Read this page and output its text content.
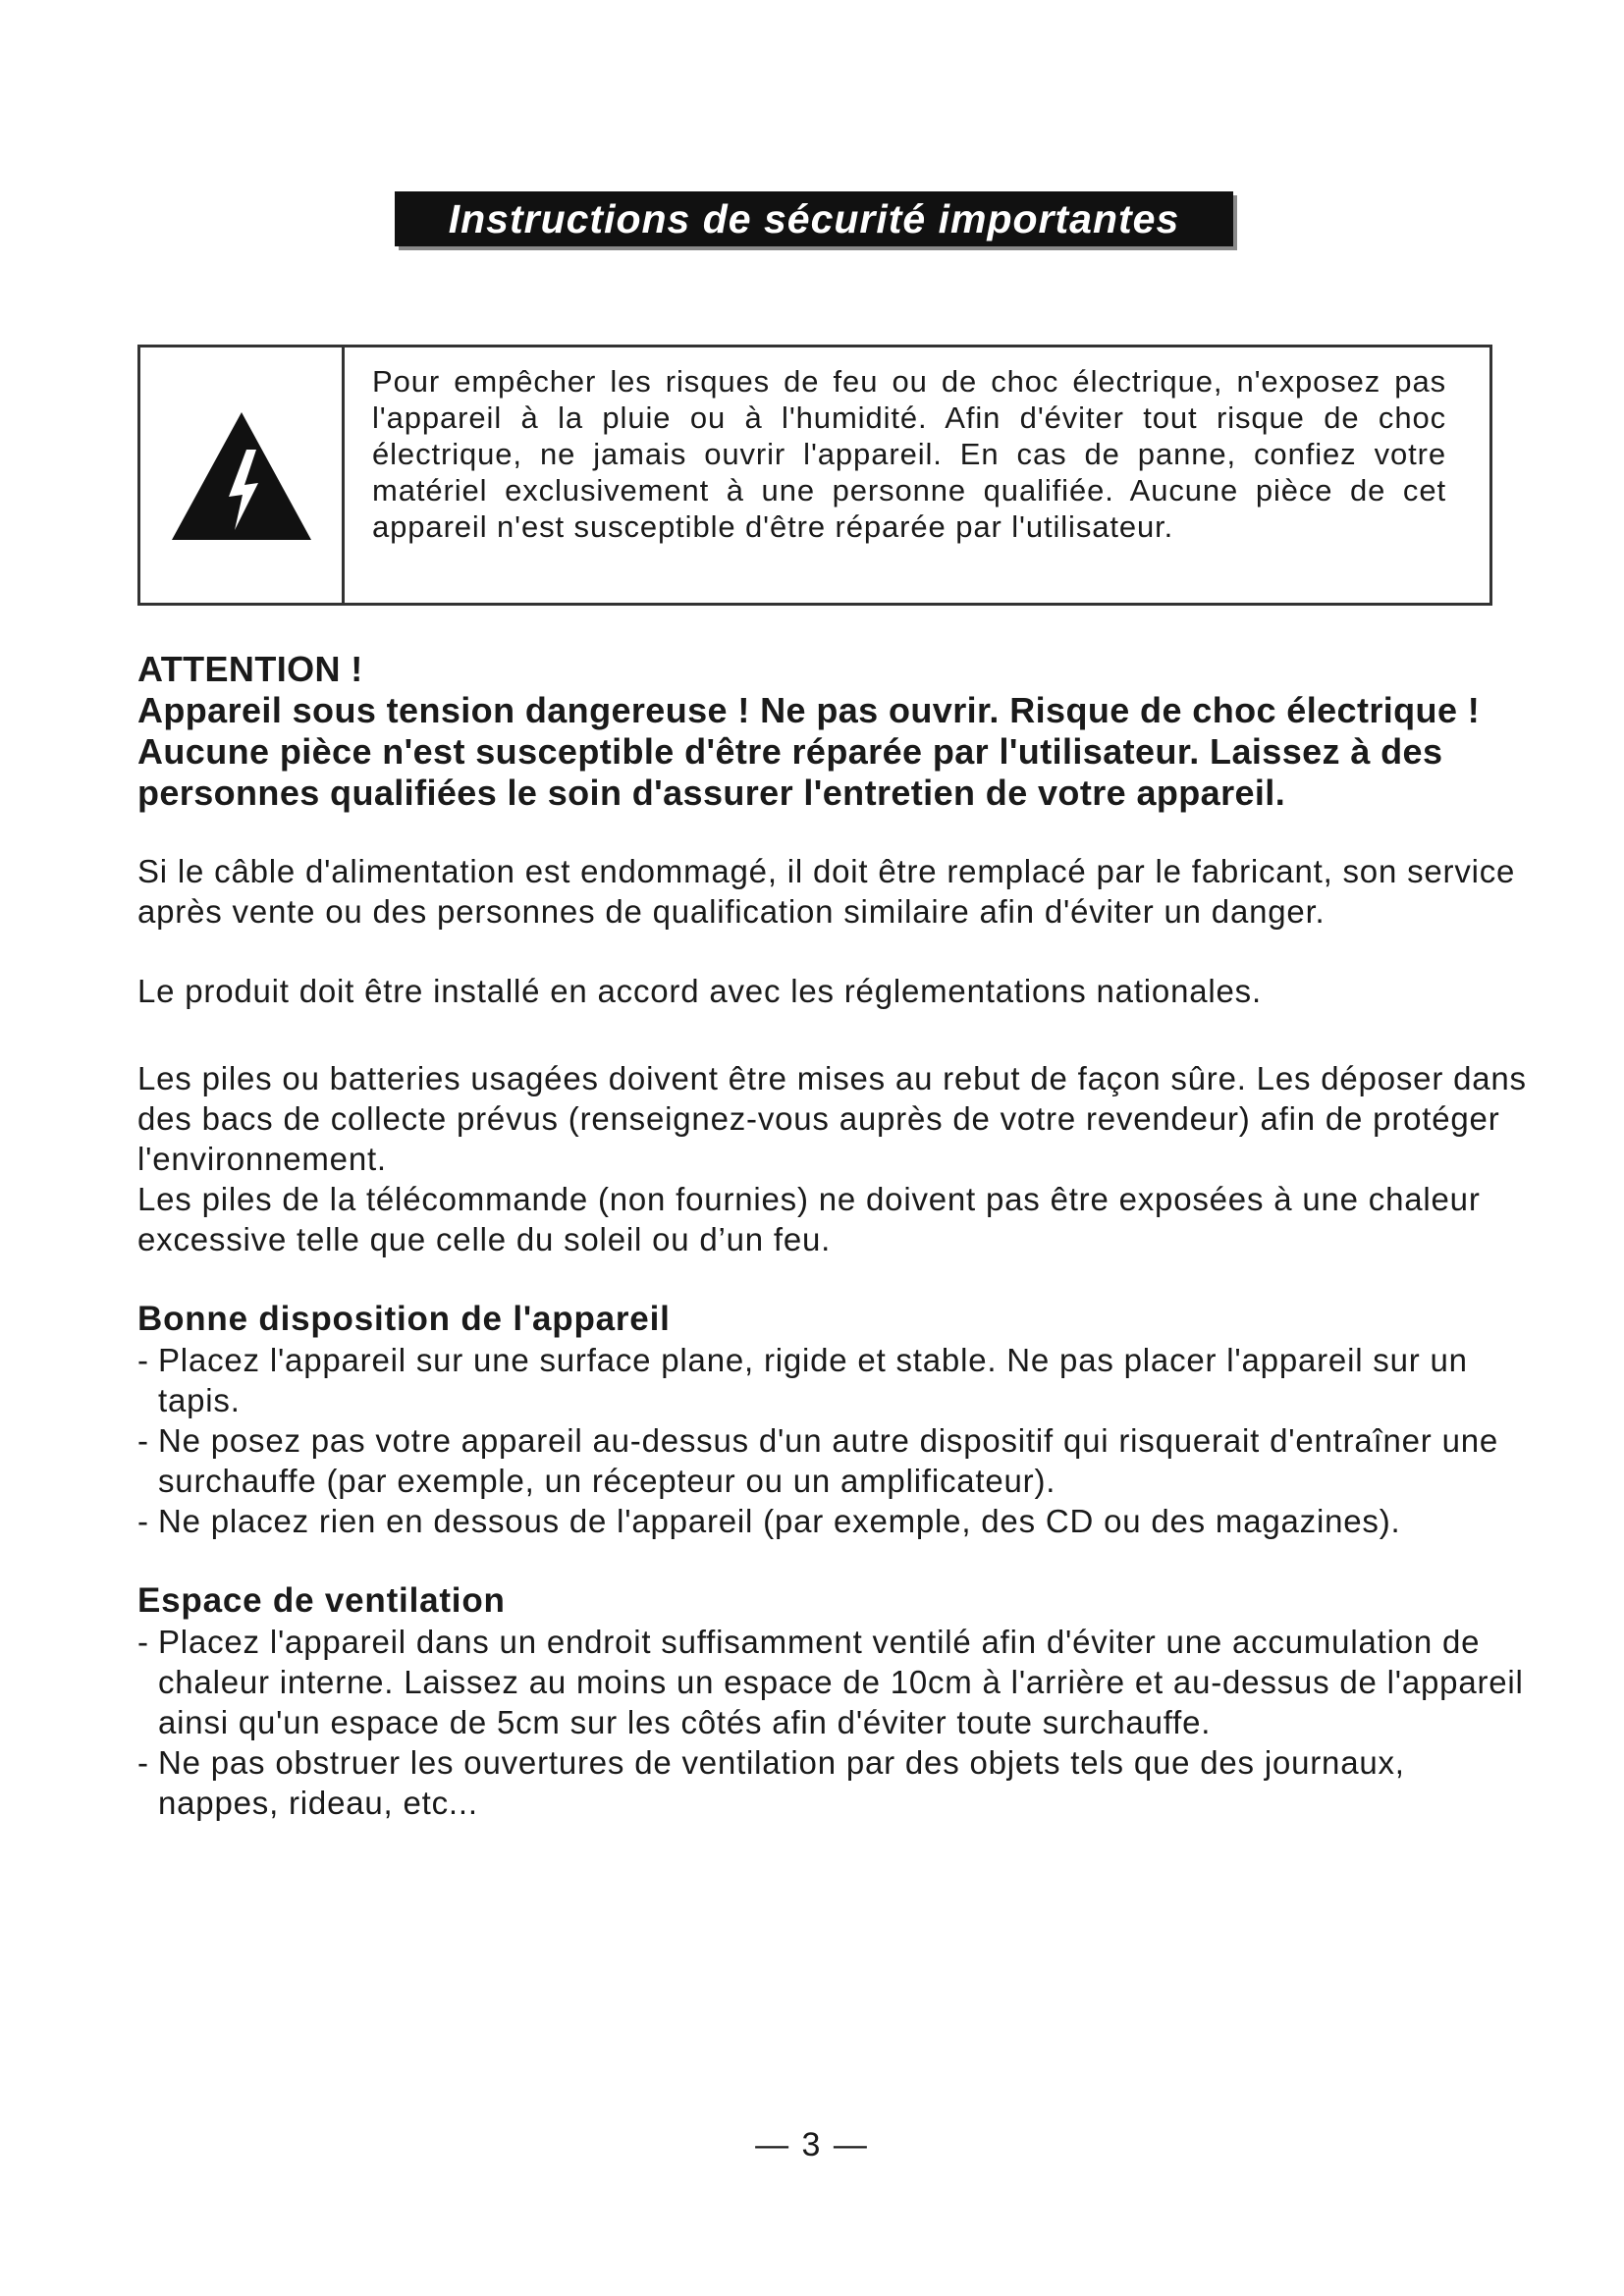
Instructions de sécurité importantes

Pour empêcher les risques de feu ou de choc électrique, n'exposez pas l'appareil à la pluie ou à l'humidité. Afin d'éviter tout risque de choc électrique, ne jamais ouvrir l'appareil. En cas de panne, confiez votre matériel exclusivement à une personne qualifiée. Aucune pièce de cet appareil n'est susceptible d'être réparée par l'utilisateur.

ATTENTION !

Appareil sous tension dangereuse ! Ne pas ouvrir. Risque de choc électrique ! Aucune pièce n'est susceptible d'être réparée par l'utilisateur. Laissez à des personnes qualifiées le soin d'assurer l'entretien de votre appareil.

Si le câble d'alimentation est endommagé, il doit être remplacé par le fabricant, son service après vente ou des personnes de qualification similaire afin d'éviter un danger.

Le produit doit être installé en accord avec les réglementations nationales.

Les piles ou batteries usagées doivent être mises au rebut de façon sûre. Les déposer dans des bacs de collecte prévus (renseignez-vous auprès de votre revendeur) afin de protéger l'environnement.

Les piles de la télécommande (non fournies) ne doivent pas être exposées à une chaleur excessive telle que celle du soleil ou d’un feu.

Bonne disposition de l'appareil

- Placez l'appareil sur une surface plane, rigide et stable. Ne pas placer l'appareil sur un tapis.
- Ne posez pas votre appareil au-dessus d'un autre dispositif qui risquerait d'entraîner une surchauffe (par exemple, un récepteur ou un amplificateur).
- Ne placez rien en dessous de l'appareil (par exemple, des CD ou des magazines).

Espace de ventilation

- Placez l'appareil dans un endroit suffisamment ventilé afin d'éviter une accumulation de chaleur interne. Laissez au moins un espace de 10cm à l'arrière et au-dessus de l'appareil ainsi qu'un espace de 5cm sur les côtés afin d'éviter toute surchauffe.
- Ne pas obstruer les ouvertures de ventilation par des objets tels que des journaux, nappes, rideau, etc...
— 3 —
